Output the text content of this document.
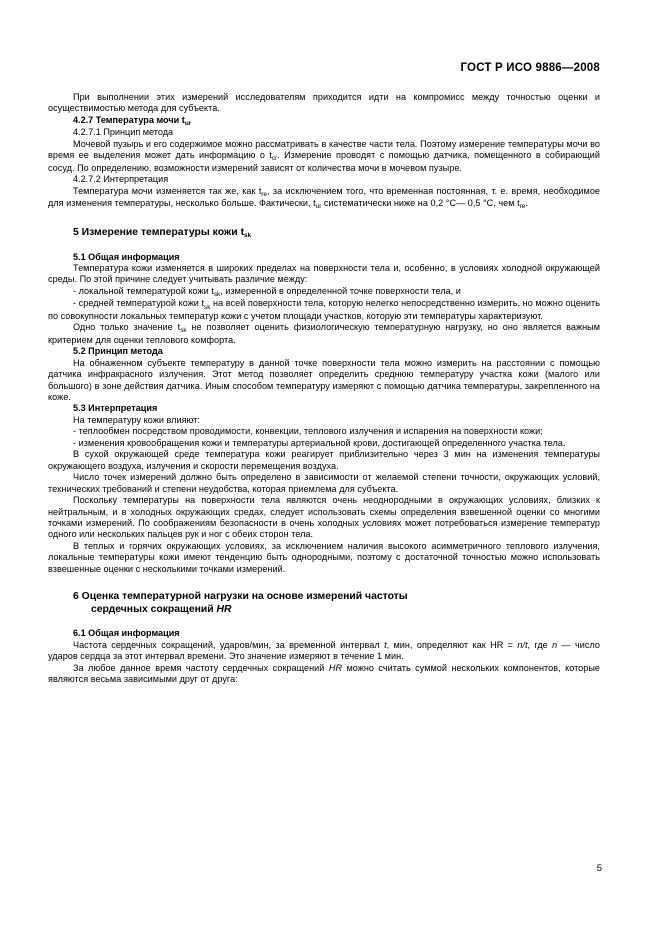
ГОСТ Р ИСО 9886—2008

При выполнении этих измерений исследователям приходится идти на компромисс между точностью оценки и осуществимостью метода для субъекта.

4.2.7 Температура мочи $t_{ur}$
4.2.7.1 Принцип метода

Мочевой пузырь и его содержимое можно рассматривать в качестве части тела. Поэтому измерение температуры мочи во время ее выделения может дать информацию о $t_{cr}$. Измерение проводят с помощью датчика, помещенного в собирающий сосуд. По определению, возможности измерений зависят от количества мочи в мочевом пузыре.

4.2.7.2 Интерпретация

Температура мочи изменяется так же, как $t_{re}$, за исключением того, что временная постоянная, т. е. время, необходимое для изменения температуры, несколько больше. Фактически, $t_{ur}$ систематически ниже на 0,2 °С— 0,5 °С, чем $t_{re}$.

5 Измерение температуры кожи $t_{sk}$
5.1 Общая информация

Температура кожи изменяется в широких пределах на поверхности тела и, особенно, в условиях холодной окружающей среды. По этой причине следует учитывать различие между:

- локальной температурой кожи $t_{sk}$, измеренной в определенной точке поверхности тела, и

- средней температурой кожи $t_{sk}$ на всей поверхности тела, которую нелегко непосредственно измерить, но можно оценить по совокупности локальных температур кожи с учетом площади участков, которую эти температуры характеризуют.

Одно только значение $t_{sk}$ не позволяет оценить физиологическую температурную нагрузку, но оно является важным критерием для оценки теплового комфорта.

5.2 Принцип метода

На обнаженном субъекте температуру в данной точке поверхности тела можно измерить на расстоянии с помощью датчика инфракрасного излучения. Этот метод позволяет определить среднюю температуру участка кожи (малого или большого) в зоне действия датчика. Иным способом температуру измеряют с помощью датчика температуры, закрепленного на коже.

5.3 Интерпретация

На температуру кожи влияют:

- теплообмен посредством проводимости, конвекции, теплового излучения и испарения на поверхности кожи;

- изменения кровообращения кожи и температуры артериальной крови, достигающей определенного участка тела.

В сухой окружающей среде температура кожи реагирует приблизительно через 3 мин на изменения температуры окружающего воздуха, излучения и скорости перемещения воздуха.

Число точек измерений должно быть определено в зависимости от желаемой степени точности, окружающих условий, технических требований и степени неудобства, которая приемлема для субъекта.

Поскольку температуры на поверхности тела являются очень неоднородными в окружающих условиях, близких к нейтральным, и в холодных окружающих средах, следует использовать схемы определения взвешенной оценки со многими точками измерений. По соображениям безопасности в очень холодных условиях может потребоваться измерение температур одного или нескольких пальцев рук и ног с обеих сторон тела.

В теплых и горячих окружающих условиях, за исключением наличия высокого асимметричного теплового излучения, локальные температуры кожи имеют тенденцию быть однородными, поэтому с достаточной точностью можно использовать взвешенные оценки с несколькими точками измерений.

6 Оценка температурной нагрузки на основе измерений частоты
сердечных сокращений HR
6.1 Общая информация

Частота сердечных сокращений, ударов/мин, за временной интервал t, мин, определяют как HR = n/t, где n — число ударов сердца за этот интервал времени. Это значение измеряют в течение 1 мин.

За любое данное время частоту сердечных сокращений HR можно считать суммой нескольких компонентов, которые являются весьма зависимыми друг от друга:

5
